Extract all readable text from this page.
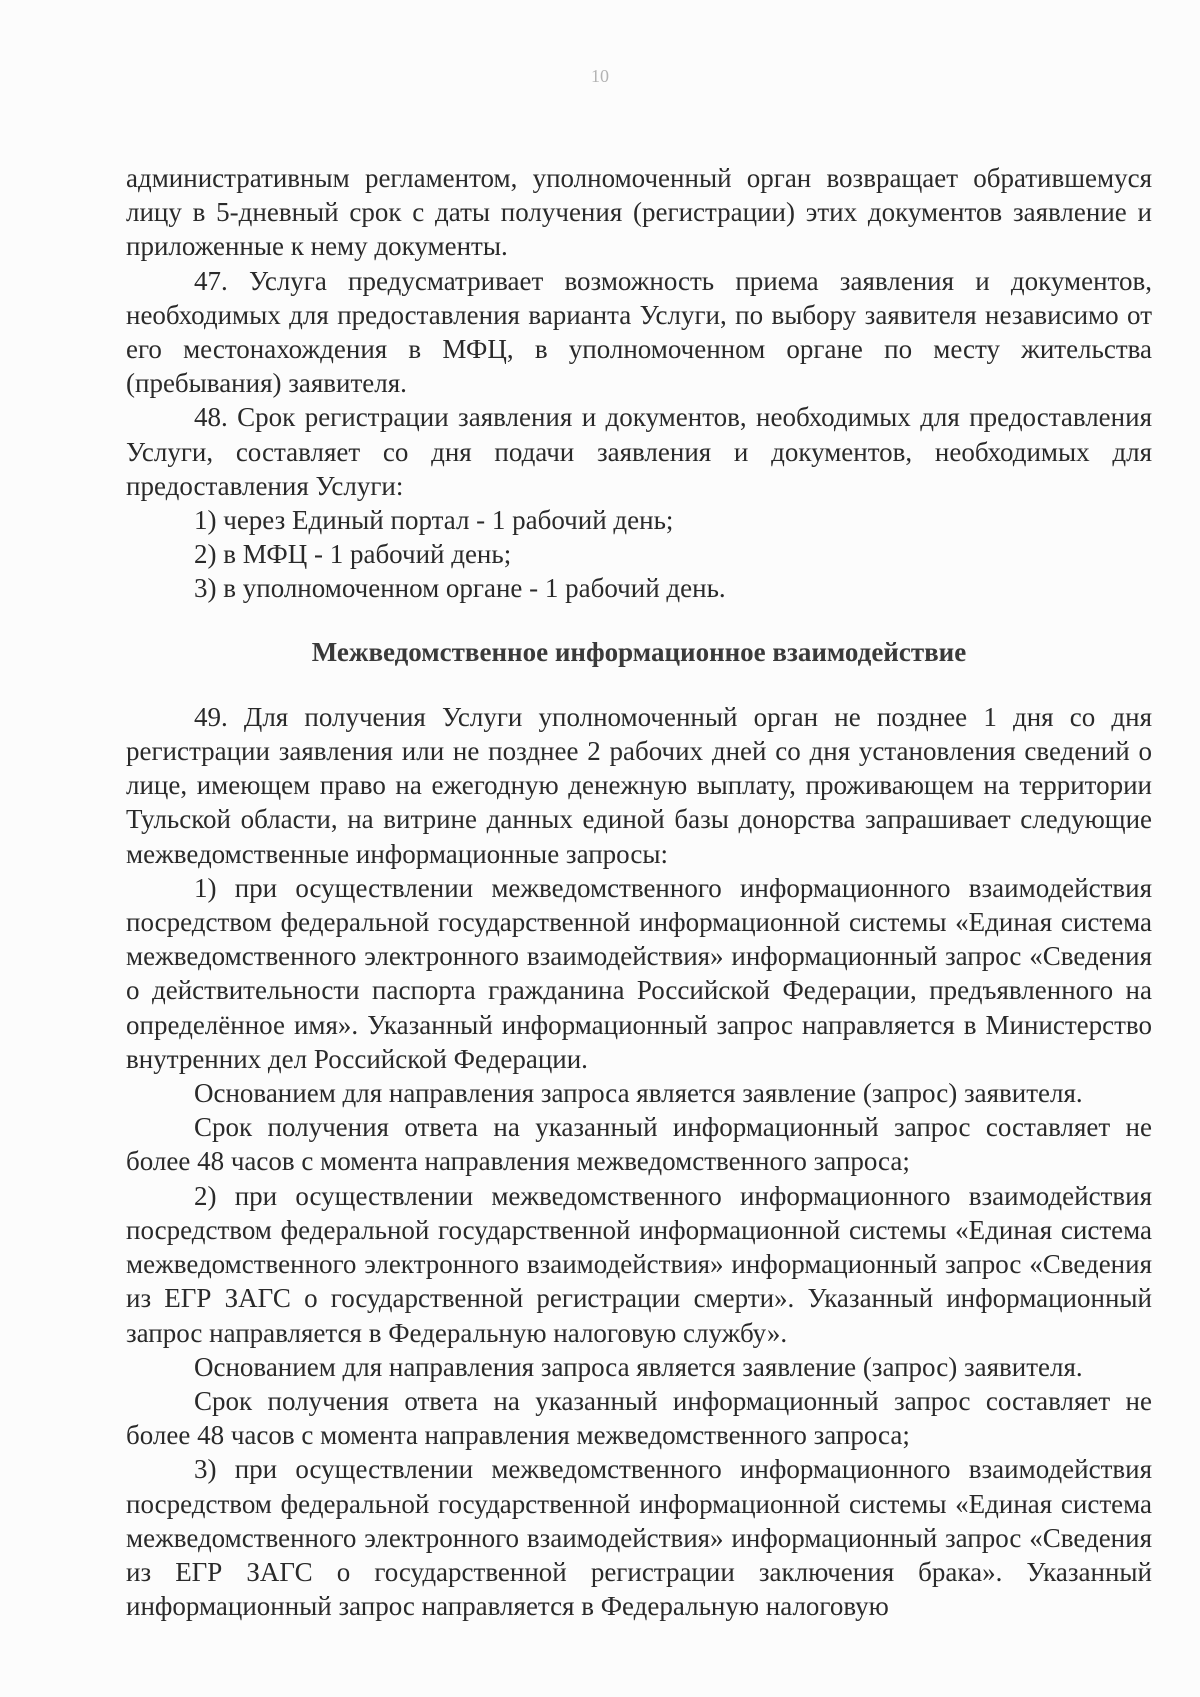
10

административным регламентом, уполномоченный орган возвращает обратившемуся лицу в 5-дневный срок с даты получения (регистрации) этих документов заявление и приложенные к нему документы.

47. Услуга предусматривает возможность приема заявления и документов, необходимых для предоставления варианта Услуги, по выбору заявителя независимо от его местонахождения в МФЦ, в уполномоченном органе по месту жительства (пребывания) заявителя.

48. Срок регистрации заявления и документов, необходимых для предоставления Услуги, составляет со дня подачи заявления и документов, необходимых для предоставления Услуги:

1) через Единый портал - 1 рабочий день;

2) в МФЦ - 1 рабочий день;

3) в уполномоченном органе - 1 рабочий день.

Межведомственное информационное взаимодействие

49. Для получения Услуги уполномоченный орган не позднее 1 дня со дня регистрации заявления или не позднее 2 рабочих дней со дня установления сведений о лице, имеющем право на ежегодную денежную выплату, проживающем на территории Тульской области, на витрине данных единой базы донорства запрашивает следующие межведомственные информационные запросы:

1) при осуществлении межведомственного информационного взаимодействия посредством федеральной государственной информационной системы «Единая система межведомственного электронного взаимодействия» информационный запрос «Сведения о действительности паспорта гражданина Российской Федерации, предъявленного на определённое имя». Указанный информационный запрос направляется в Министерство внутренних дел Российской Федерации.

Основанием для направления запроса является заявление (запрос) заявителя.

Срок получения ответа на указанный информационный запрос составляет не более 48 часов с момента направления межведомственного запроса;

2) при осуществлении межведомственного информационного взаимодействия посредством федеральной государственной информационной системы «Единая система межведомственного электронного взаимодействия» информационный запрос «Сведения из ЕГР ЗАГС о государственной регистрации смерти». Указанный информационный запрос направляется в Федеральную налоговую службу».

Основанием для направления запроса является заявление (запрос) заявителя.

Срок получения ответа на указанный информационный запрос составляет не более 48 часов с момента направления межведомственного запроса;

3) при осуществлении межведомственного информационного взаимодействия посредством федеральной государственной информационной системы «Единая система межведомственного электронного взаимодействия» информационный запрос «Сведения из ЕГР ЗАГС о государственной регистрации заключения брака». Указанный информационный запрос направляется в Федеральную налоговую
